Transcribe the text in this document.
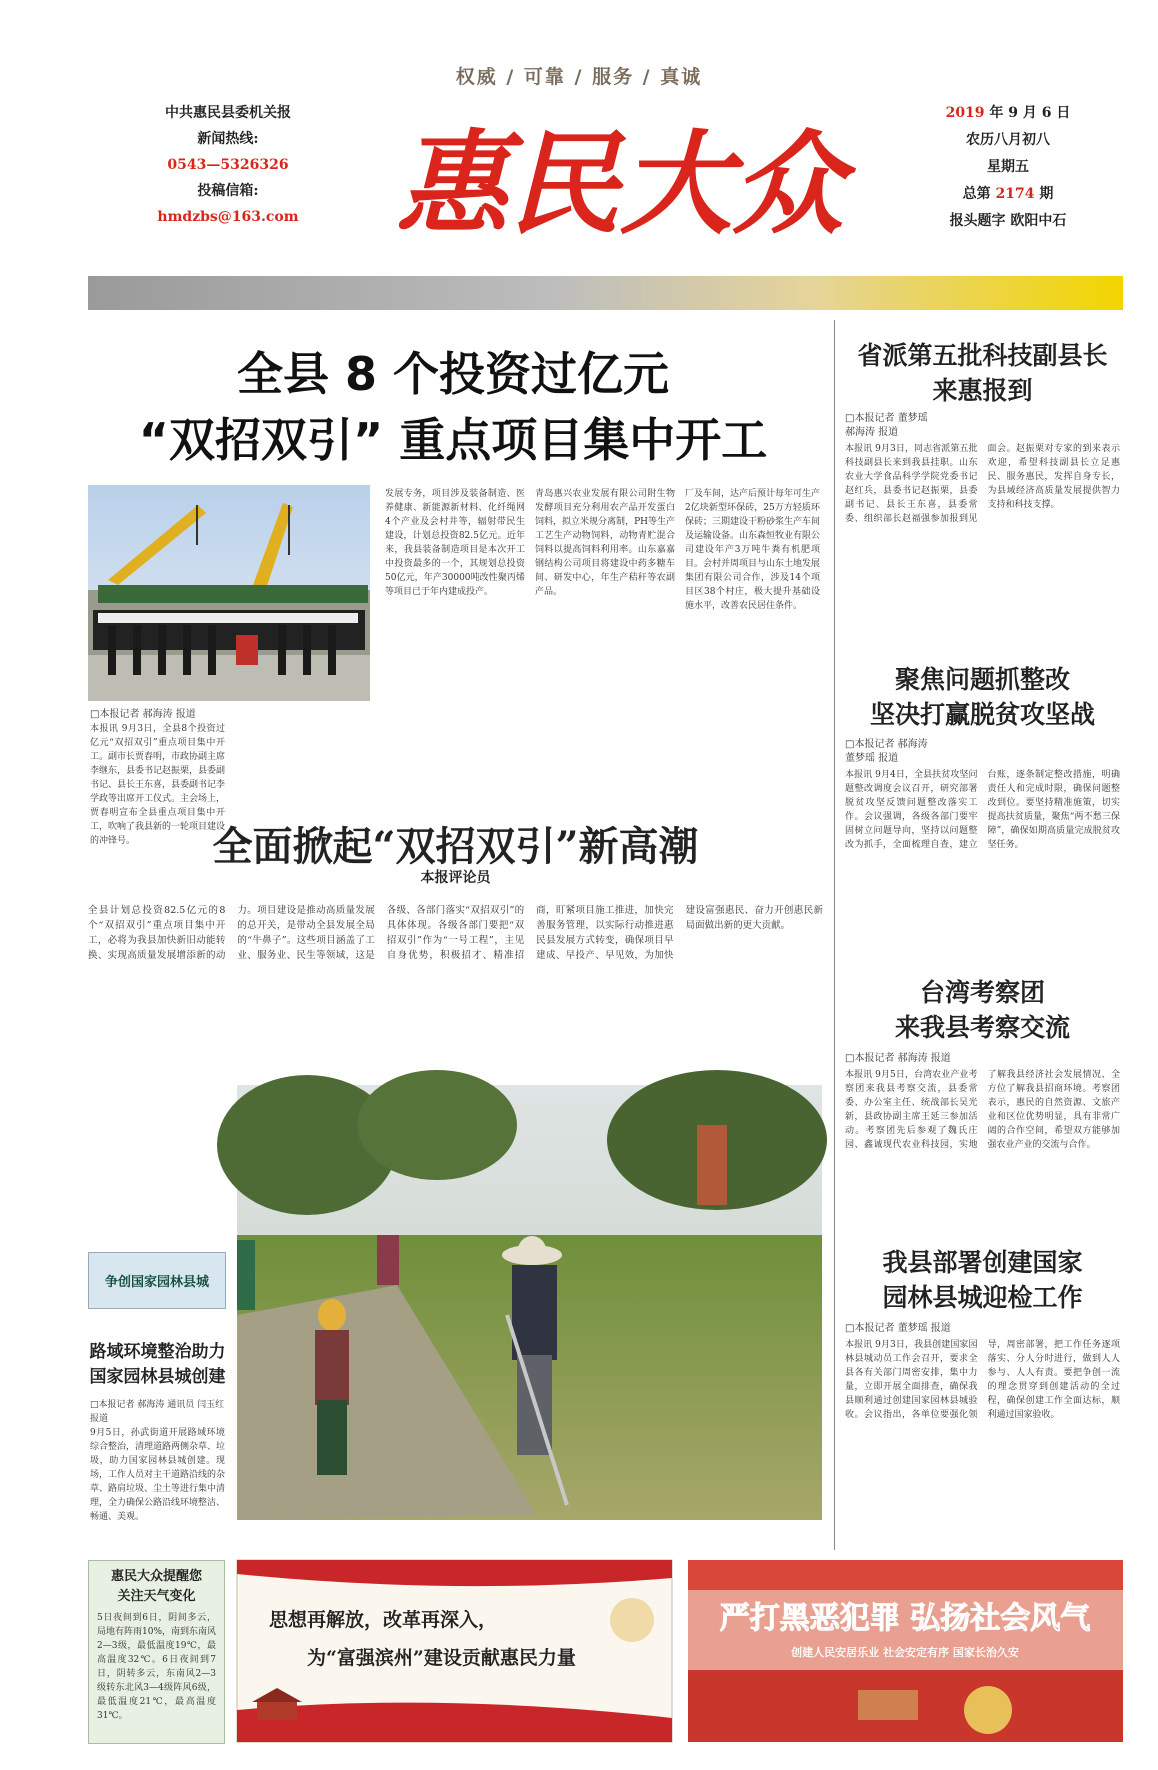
权威 / 可靠 / 服务 / 真诚
中共惠民县委机关报
新闻热线:
0543—5326326
投稿信箱:
hmdzbs@163.com 惠民大众
2019 年 9 月 6 日
农历八月初八
星期五
总第 2174 期
报头题字 欧阳中石
全县 8 个投资过亿元
“双招双引” 重点项目集中开工
□本报记者 郝海涛 报道
本报讯 9月3日，全县8个投资过亿元“双招双引”重点项目集中开工。副市长贾春明，市政协副主席李继东，县委书记赵振栗，县委副书记、县长王东喜，县委副书记李学政等出席开工仪式。主会场上，贾春明宣布全县重点项目集中开工，吹响了我县新的一轮项目建设的冲锋号。
发展专务，项目涉及装备制造、医养健康、新能源新材料、化纤绳网4个产业及会村井等，辐射带民生建设，计划总投资82.5亿元。近年来，我县装备制造项目是本次开工中投资最多的一个，其规划总投资50亿元，年产30000吨改性聚丙烯等项目已于年内建成投产。
青岛惠兴农业发展有限公司附生物发酵项目充分利用农产品开发蛋白饲料，拟立米规分离制，PH等生产工艺生产动物饲料，动物青贮混合饲料以提高饲料利用率。山东嘉嘉钢结构公司项目将建设中药多糖车间、研发中心，年生产秸秆等农副产品。
厂及车间，达产后预计每年可生产2亿块新型环保砖，25万方轻质环保砖；三期建设干粉砂浆生产车间及运输设备。山东森恒牧业有限公司建设年产3万吨牛粪有机肥项目。会村并周项目与山东土地发展集团有限公司合作，涉及14个项目区38个村庄，极大提升基础设施水平，改善农民居住条件。
全面掀起“双招双引”新高潮
本报评论员
全县计划总投资82.5亿元的8个“双招双引”重点项目集中开工，必将为我县加快新旧动能转换、实现高质量发展增添新的动力。项目建设是推动高质量发展的总开关，是带动全县发展全局的“牛鼻子”。这些项目涵盖了工业、服务业、民生等领域，这是各级、各部门落实“双招双引”的具体体现。各级各部门要把“双招双引”作为“一号工程”，主见自身优势，积极招才、精准招商，盯紧项目施工推进，加快完善服务管理，以实际行动推进惠民县发展方式转变，确保项目早建成、早投产、早见效，为加快建设富强惠民、奋力开创惠民新局面做出新的更大贡献。
省派第五批科技副县长
来惠报到
□本报记者 董梦瑶
郝海涛 报道
本报讯 9月3日，同志省派第五批科技副县长来到我县挂职。山东农业大学食品科学学院党委书记赵红兵，县委书记赵振栗，县委副书记、县长王东喜，县委常委、组织部长赵福强参加报到见面会。赵振栗对专家的到来表示欢迎，希望科技副县长立足惠民、服务惠民，发挥自身专长，为县域经济高质量发展提供智力支持和科技支撑。
聚焦问题抓整改
坚决打赢脱贫攻坚战
□本报记者 郝海涛
董梦瑶 报道
本报讯 9月4日，全县扶贫攻坚问题整改调度会议召开，研究部署脱贫攻坚反馈问题整改落实工作。会议强调，各级各部门要牢固树立问题导向，坚持以问题整改为抓手，全面梳理自查，建立台账，逐条制定整改措施，明确责任人和完成时限，确保问题整改到位。要坚持精准施策，切实提高扶贫质量，聚焦“两不愁三保障”，确保如期高质量完成脱贫攻坚任务。
台湾考察团
来我县考察交流
□本报记者 郝海涛 报道
本报讯 9月5日，台湾农业产业考察团来我县考察交流，县委常委、办公室主任、统战部长吴光新，县政协副主席王延三参加活动。考察团先后参观了魏氏庄园、鑫诚现代农业科技园，实地了解我县经济社会发展情况、全方位了解我县招商环境。考察团表示，惠民的自然资源、文旅产业和区位优势明显，具有非常广阔的合作空间，希望双方能够加强农业产业的交流与合作。
我县部署创建国家
园林县城迎检工作
□本报记者 董梦瑶 报道
本报讯 9月3日，我县创建国家园林县城动员工作会召开，要求全县各有关部门周密安排，集中力量，立即开展全面排查，确保我县顺利通过创建国家园林县城验收。会议指出，各单位要强化领导，周密部署，把工作任务逐项落实、分人分时进行，做到人人参与、人人有责。要把争创一流的理念贯穿到创建活动的全过程，确保创建工作全面达标，顺利通过国家验收。
争创国家园林县城
路域环境整治助力
国家园林县城创建
□本报记者 郝海涛 通讯员 闫玉红 报道
9月5日，孙武街道开展路域环境综合整治，清理道路两侧杂草、垃圾，助力国家园林县城创建。现场，工作人员对主干道路沿线的杂草、路肩垃圾、尘土等进行集中清理，全力确保公路沿线环境整洁、畅通、美观。
惠民大众提醒您
关注天气变化
5日夜间到6日，阴间多云，局地有阵雨10%，南到东南风2—3级，最低温度19℃，最高温度32℃。6日夜间到7日，阴转多云，东南风2—3级转东北风3—4级阵风6级，最低温度21℃，最高温度31℃。
思想再解放，改革再深入，
为“富强滨州”建设贡献惠民力量
严打黑恶犯罪 弘扬社会风气
创建人民安居乐业 社会安定有序 国家长治久安
